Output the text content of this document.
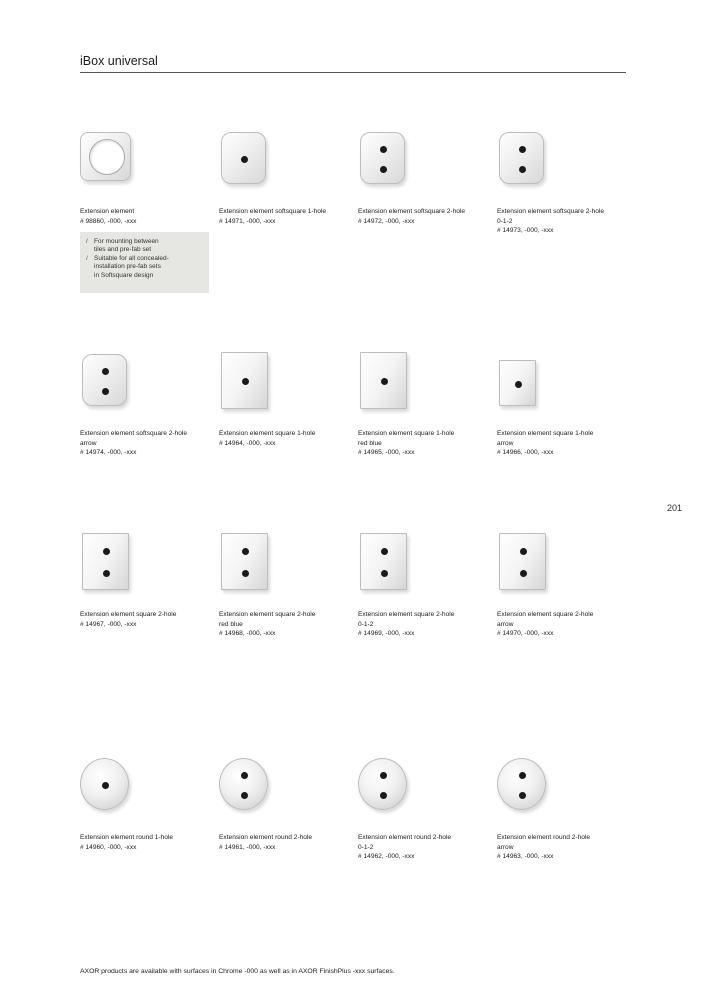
iBox universal
201
Extension element
# 98860, -000, -xxx
Extension element softsquare 1-hole
# 14971, -000, -xxx
Extension element softsquare 2-hole
# 14972, -000, -xxx
Extension element softsquare 2-hole
0-1-2
# 14973, -000, -xxx
/ For mounting between
tiles and pre-fab set
/ Suitable for all concealed-
installation pre-fab sets
in Softsquare design
Extension element softsquare 2-hole
arrow
# 14974, -000, -xxx
Extension element square 1-hole
# 14964, -000, -xxx
Extension element square 1-hole
red blue
# 14965, -000, -xxx
Extension element square 1-hole
arrow
# 14966, -000, -xxx
Extension element square 2-hole
# 14967, -000, -xxx
Extension element square 2-hole
red blue
# 14968, -000, -xxx
Extension element square 2-hole
0-1-2
# 14969, -000, -xxx
Extension element square 2-hole
arrow
# 14970, -000, -xxx
Extension element round 1-hole
# 14960, -000, -xxx
Extension element round 2-hole
# 14961, -000, -xxx
Extension element round 2-hole
0-1-2
# 14962, -000, -xxx
Extension element round 2-hole
arrow
# 14963, -000, -xxx
AXOR products are available with surfaces in Chrome -000 as well as in AXOR FinishPlus -xxx surfaces.
